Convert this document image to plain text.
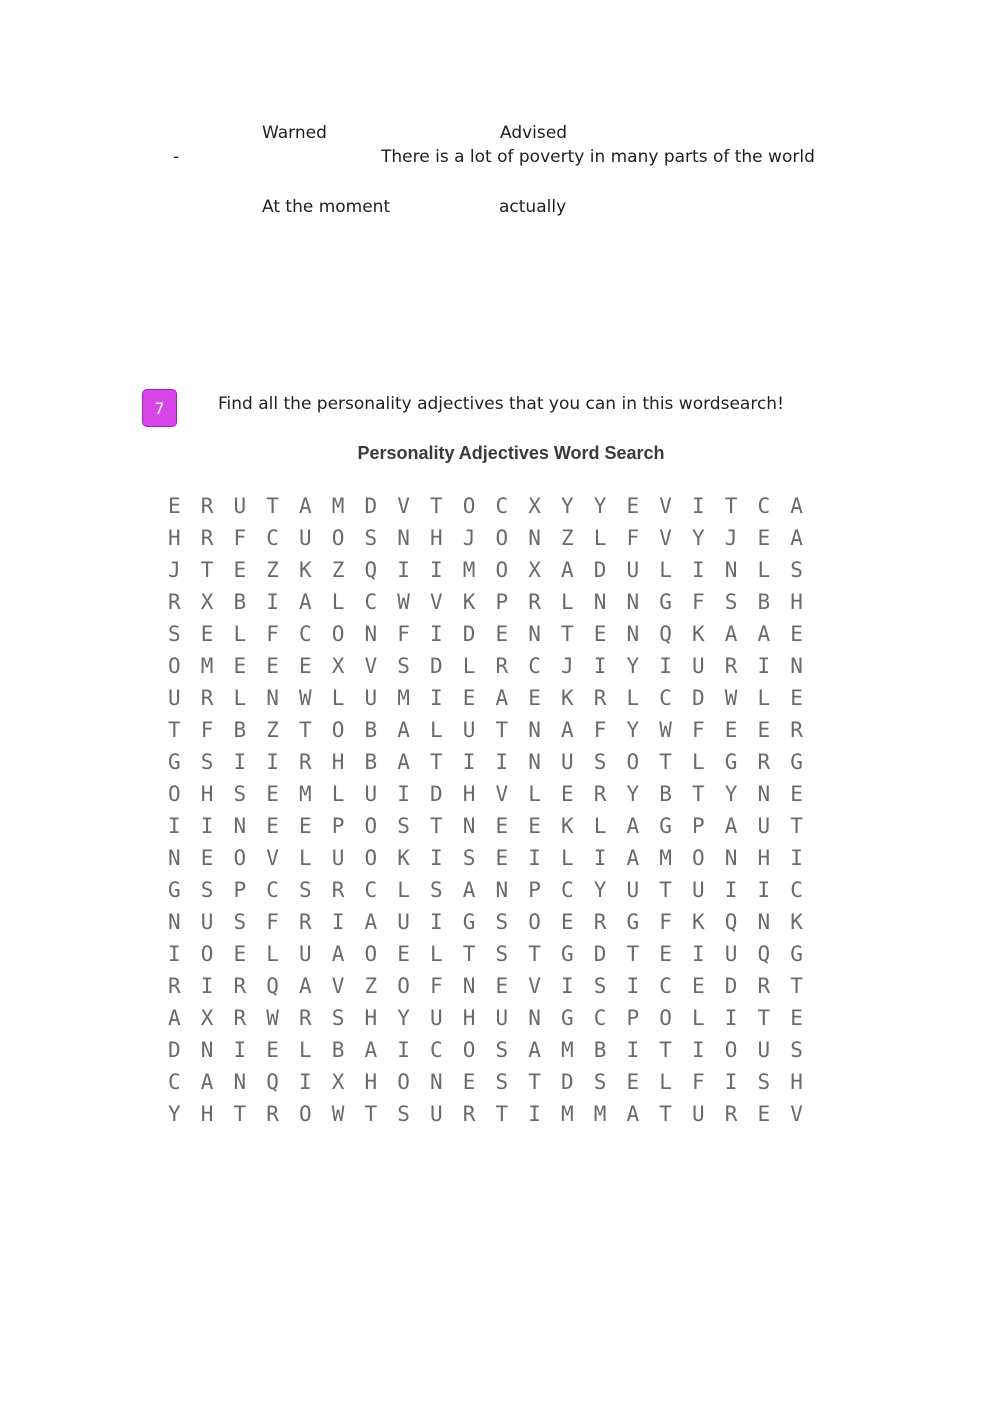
Warned	Advised
-	There is a lot of poverty in many parts of the world
At the moment	actually
7	Find all the personality adjectives that you can in this wordsearch!
Personality Adjectives Word Search
E R U T A M D V T O C X Y Y E V I T C A
H R F C U O S N H J O N Z L F V Y J E A
J T E Z K Z Q I I M O X A D U L I N L S
R X B I A L C W V K P R L N N G F S B H
S E L F C O N F I D E N T E N Q K A A E
O M E E E X V S D L R C J I Y I U R I N
U R L N W L U M I E A E K R L C D W L E
T F B Z T O B A L U T N A F Y W F E E R
G S I I R H B A T I I N U S O T L G R G
O H S E M L U I D H V L E R Y B T Y N E
I I N E E P O S T N E E K L A G P A U T
N E O V L U O K I S E I L I A M O N H I
G S P C S R C L S A N P C Y U T U I I C
N U S F R I A U I G S O E R G F K Q N K
I O E L U A O E L T S T G D T E I U Q G
R I R Q A V Z O F N E V I S I C E D R T
A X R W R S H Y U H U N G C P O L I T E
D N I E L B A I C O S A M B I T I O U S
C A N Q I X H O N E S T D S E L F I S H
Y H T R O W T S U R T I M M A T U R E V
